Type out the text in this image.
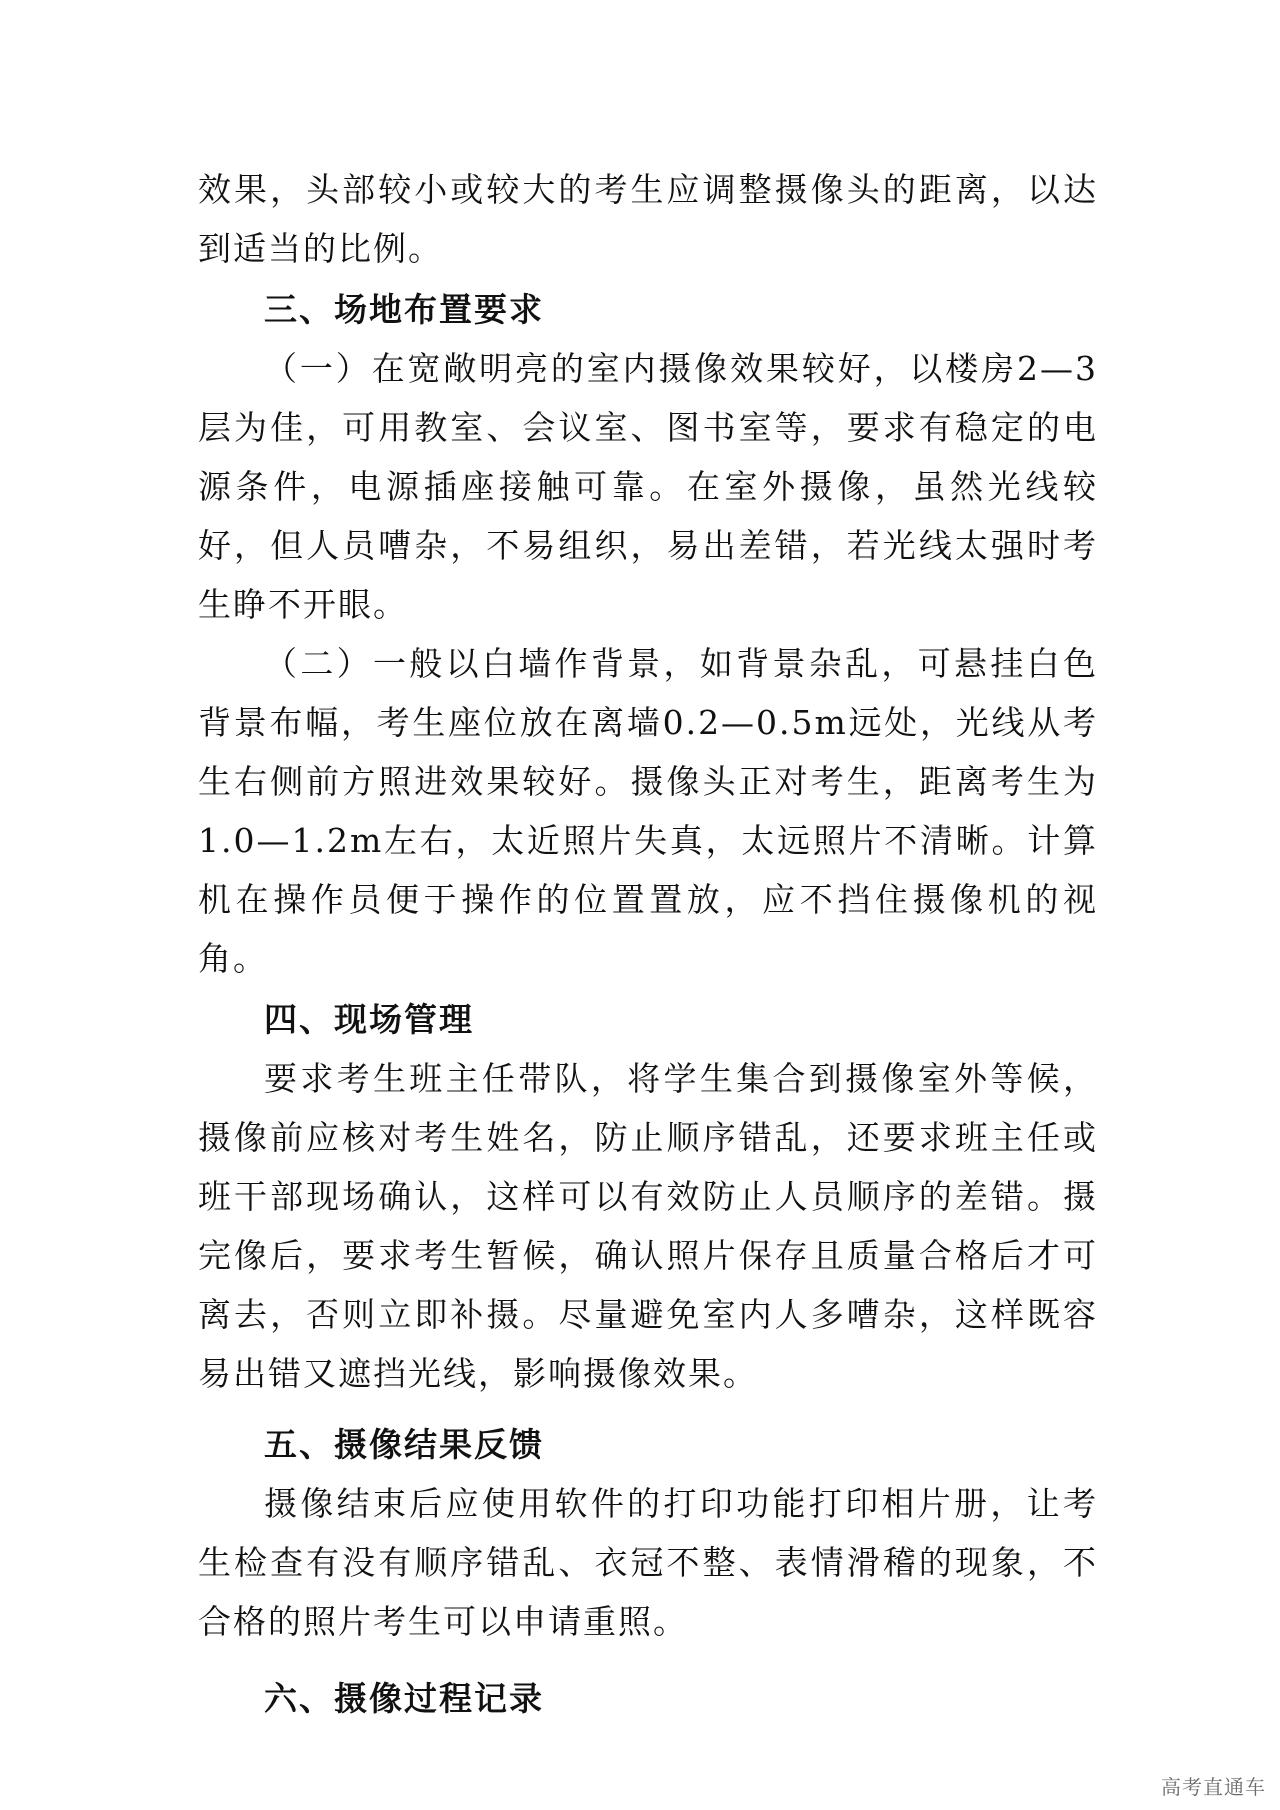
效果，头部较小或较大的考生应调整摄像头的距离，以达到适当的比例。

三、场地布置要求

（一）在宽敞明亮的室内摄像效果较好，以楼房2—3层为佳，可用教室、会议室、图书室等，要求有稳定的电源条件，电源插座接触可靠。在室外摄像，虽然光线较好，但人员嘈杂，不易组织，易出差错，若光线太强时考生睁不开眼。

（二）一般以白墙作背景，如背景杂乱，可悬挂白色背景布幅，考生座位放在离墙0.2—0.5m远处，光线从考生右侧前方照进效果较好。摄像头正对考生，距离考生为1.0—1.2m左右，太近照片失真，太远照片不清晰。计算机在操作员便于操作的位置置放，应不挡住摄像机的视角。

四、现场管理

要求考生班主任带队，将学生集合到摄像室外等候，摄像前应核对考生姓名，防止顺序错乱，还要求班主任或班干部现场确认，这样可以有效防止人员顺序的差错。摄完像后，要求考生暂候，确认照片保存且质量合格后才可离去，否则立即补摄。尽量避免室内人多嘈杂，这样既容易出错又遮挡光线，影响摄像效果。

五、摄像结果反馈

摄像结束后应使用软件的打印功能打印相片册，让考生检查有没有顺序错乱、衣冠不整、表情滑稽的现象，不合格的照片考生可以申请重照。

六、摄像过程记录
高考直通车
